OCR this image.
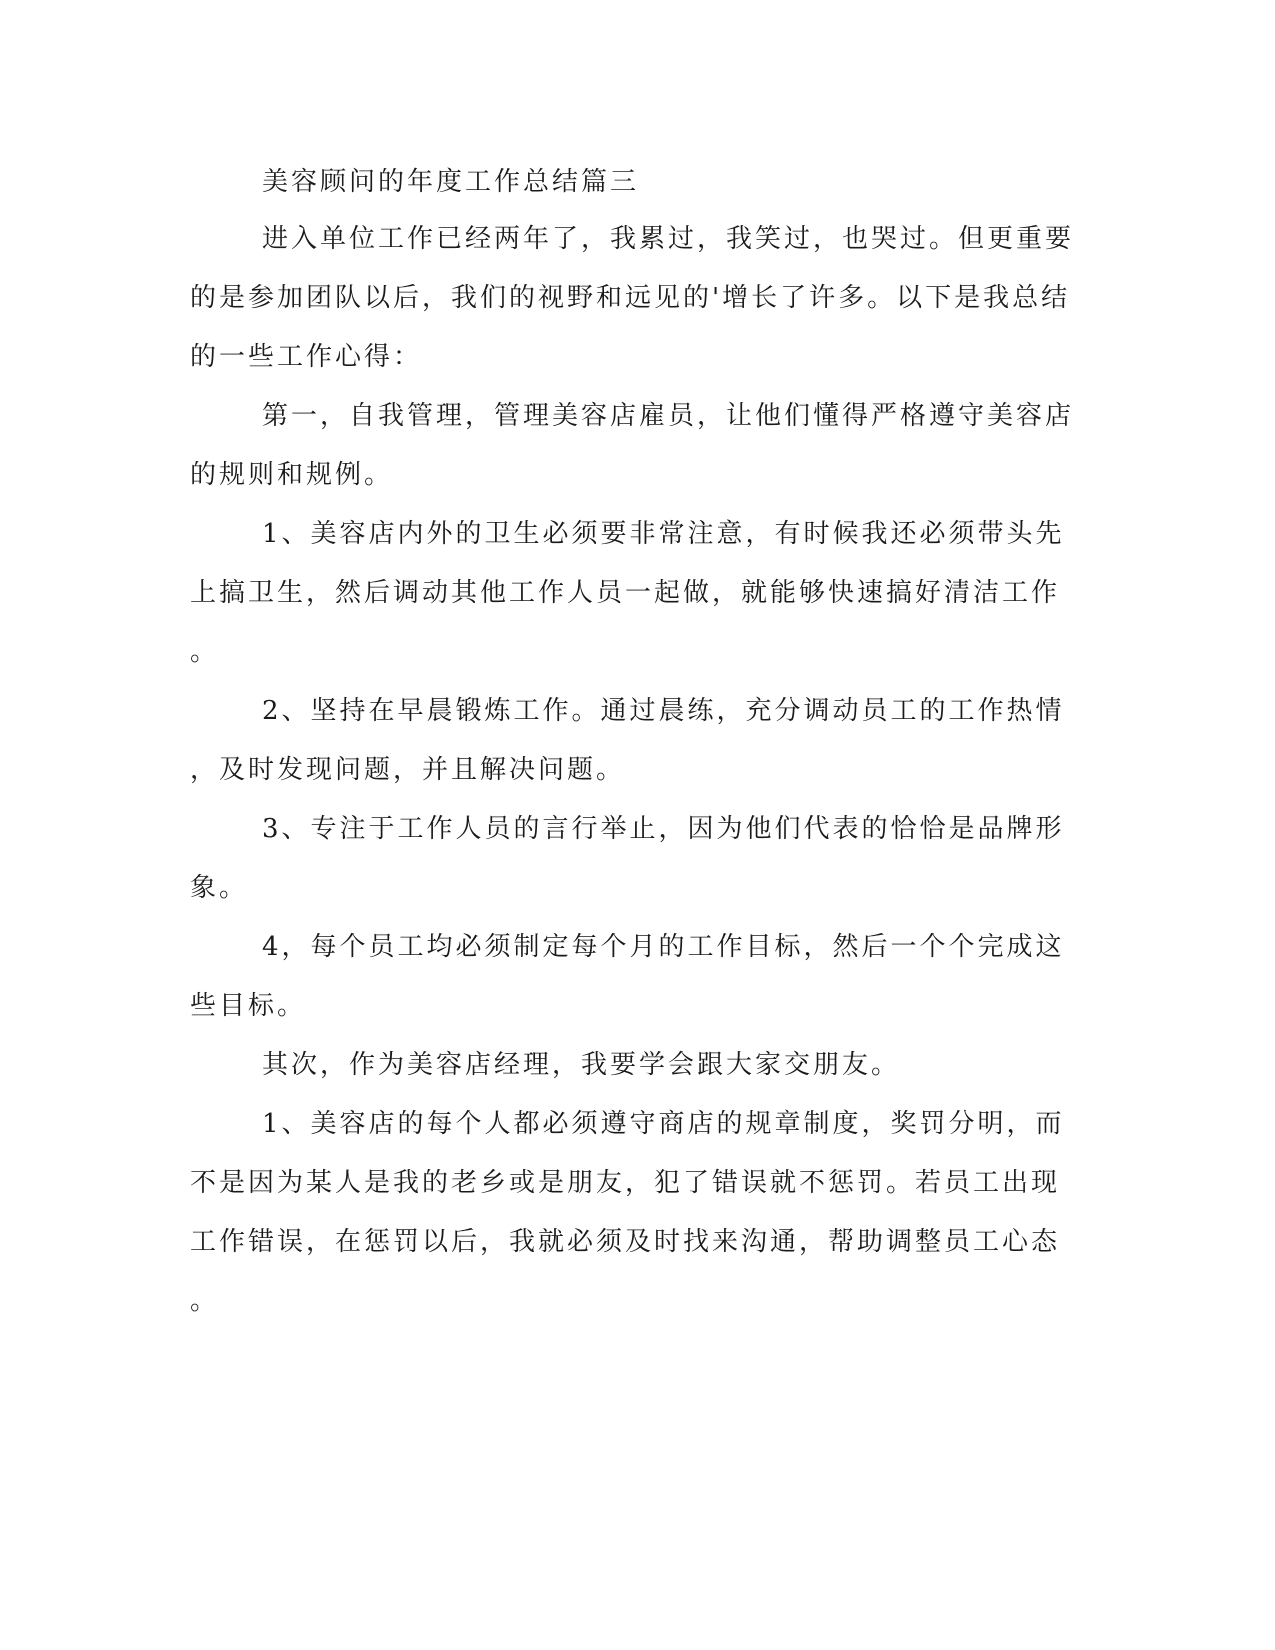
美容顾问的年度工作总结篇三
进入单位工作已经两年了，我累过，我笑过，也哭过。但更重要
的是参加团队以后，我们的视野和远见的'增长了许多。以下是我总结
的一些工作心得：
第一，自我管理，管理美容店雇员，让他们懂得严格遵守美容店
的规则和规例。
1、美容店内外的卫生必须要非常注意，有时候我还必须带头先
上搞卫生，然后调动其他工作人员一起做，就能够快速搞好清洁工作
。
2、坚持在早晨锻炼工作。通过晨练，充分调动员工的工作热情
，及时发现问题，并且解决问题。
3、专注于工作人员的言行举止，因为他们代表的恰恰是品牌形
象。
4，每个员工均必须制定每个月的工作目标，然后一个个完成这
些目标。
其次，作为美容店经理，我要学会跟大家交朋友。
1、美容店的每个人都必须遵守商店的规章制度，奖罚分明，而
不是因为某人是我的老乡或是朋友，犯了错误就不惩罚。若员工出现
工作错误，在惩罚以后，我就必须及时找来沟通，帮助调整员工心态
。
